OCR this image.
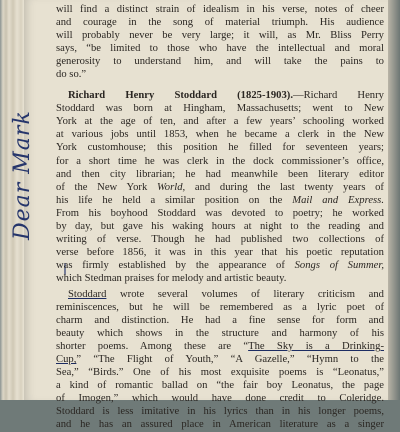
Dear Mark
will find a distinct strain of idealism in his verse, notes of cheer
and courage in the song of material triumph. His audience
will probably never be very large; it will, as Mr. Bliss Perry
says, “be limited to those who have the intellectual and moral
generosity to understand him, and will take the pains to
do so.”
Richard Henry Stoddard (1825-1903).—Richard Henry
Stoddard was born at Hingham, Massachusetts; went to New
York at the age of ten, and after a few years’ schooling worked
at various jobs until 1853, when he became a clerk in the New
York customhouse; this position he filled for seventeen years;
for a short time he was clerk in the dock commissioner’s office,
and then city librarian; he had meanwhile been literary editor
of the New York World, and during the last twenty years of
his life he held a similar position on the Mail and Express.
From his boyhood Stoddard was devoted to poetry; he worked
by day, but gave his waking hours at night to the reading and
writing of verse. Though he had published two collections of
verse before 1856, it was in this year that his poetic reputation
was firmly established by the appearance of Songs of Summer,
which Stedman praises for melody and artistic beauty.
Stoddard wrote several volumes of literary criticism and
reminiscences, but he will be remembered as a lyric poet of
charm and distinction. He had a fine sense for form and
beauty which shows in the structure and harmony of his
shorter poems. Among these are “The Sky is a Drinking-
Cup,” “The Flight of Youth,” “A Gazelle,” “Hymn to the
Sea,” “Birds.” One of his most exquisite poems is “Leonatus,”
a kind of romantic ballad on “the fair boy Leonatus, the page
of Imogen,” which would have done credit to Coleridge.
Stoddard is less imitative in his lyrics than in his longer poems,
and he has an assured place in American literature as a singer
